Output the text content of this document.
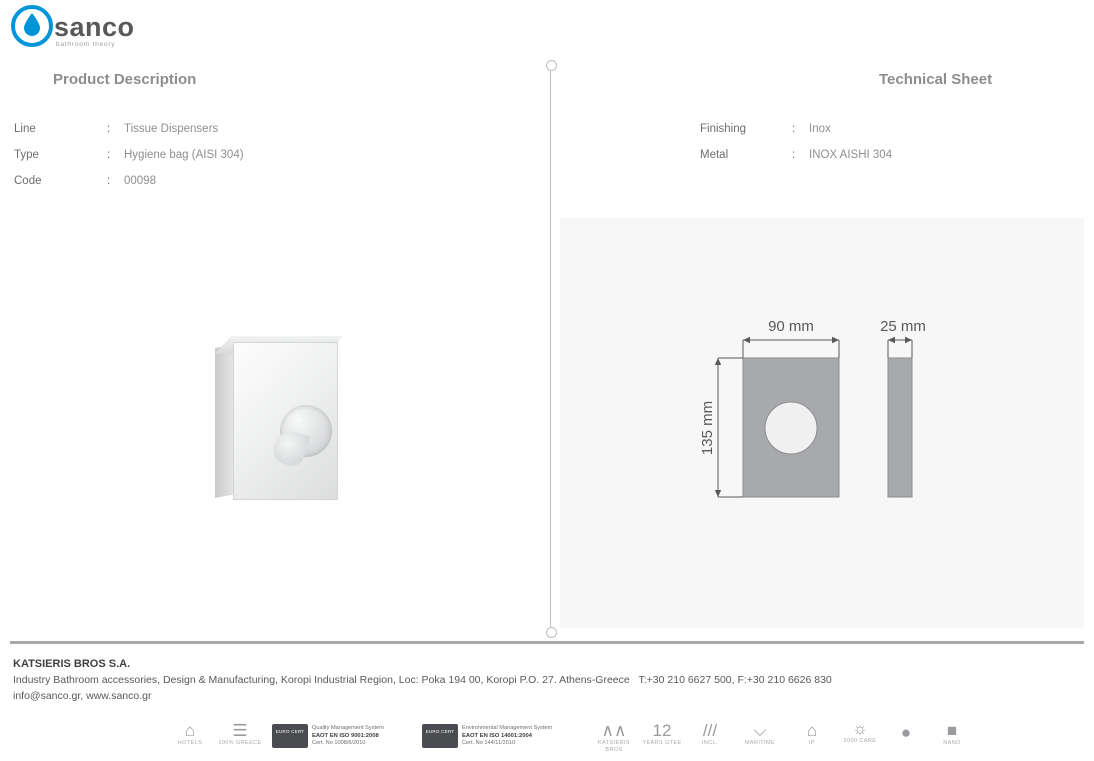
sanco
bathroom theory
Product Description
Line	: Tissue Dispensers
Type	: Hygiene bag (AISI 304)
Code	: 00098
Technical Sheet
Finishing	: Inox
Metal	: INOX AISHI 304
90 mm	25 mm
135 mm
KATSIERIS BROS S.A.
Industry Bathroom accessories, Design & Manufacturing, Koropi Industrial Region, Loc: Poka 194 00, Koropi P.O. 27. Athens-Greece T:+30 210 6627 500, F:+30 210 6626 830
info@sanco.gr, www.sanco.gr
⌂
HOTELS
☰
100% GREECE
EURO CERT
Quality Management System
EAOT EN ISO 9001:2008
Cert. No 1008/6/2010
EURO CERT
Environmental Management System
EAOT EN ISO 14001:2004
Cert. No 144/11/2010
∧∧
KATSIERIS BROS
12
YEARS GTEE
///
INCL.
⌵
MARITIME
⌂
IP
☼
2000 CARE	●	■
NANO
